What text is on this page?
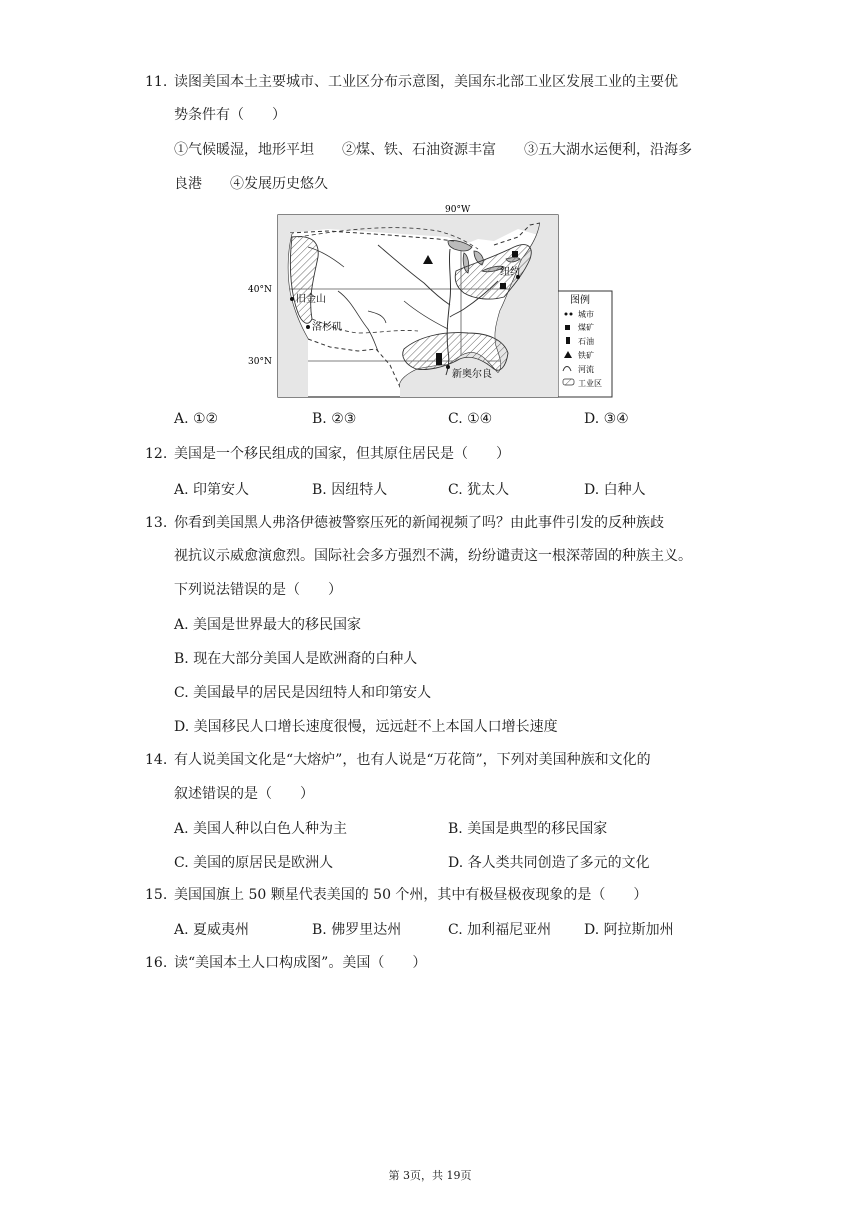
11. 读图美国本土主要城市、工业区分布示意图，美国东北部工业区发展工业的主要优
势条件有（　　）
①气候暖湿，地形平坦　　②煤、铁、石油资源丰富　　③五大湖水运便利，沿海多
良港　　④发展历史悠久
90°W
40°N
30°N
旧金山
洛杉矶
纽约
新奥尔良
图例
城市
煤矿
石油
铁矿
河流
工业区
A. ①②	B. ②③	C. ①④	D. ③④
12. 美国是一个移民组成的国家，但其原住居民是（　　）
A. 印第安人	B. 因纽特人	C. 犹太人	D. 白种人
13. 你看到美国黑人弗洛伊德被警察压死的新闻视频了吗？由此事件引发的反种族歧
视抗议示威愈演愈烈。国际社会多方强烈不满，纷纷谴责这一根深蒂固的种族主义。
下列说法错误的是（　　）
A. 美国是世界最大的移民国家
B. 现在大部分美国人是欧洲裔的白种人
C. 美国最早的居民是因纽特人和印第安人
D. 美国移民人口增长速度很慢，远远赶不上本国人口增长速度
14. 有人说美国文化是“大熔炉”，也有人说是“万花筒”，下列对美国种族和文化的
叙述错误的是（　　）
A. 美国人种以白色人种为主	B. 美国是典型的移民国家
C. 美国的原居民是欧洲人	D. 各人类共同创造了多元的文化
15. 美国国旗上 50 颗星代表美国的 50 个州，其中有极昼极夜现象的是（　　）
A. 夏威夷州	B. 佛罗里达州	C. 加利福尼亚州 D. 阿拉斯加州
16. 读“美国本土人口构成图”。美国（　　）
第 3页，共 19页
